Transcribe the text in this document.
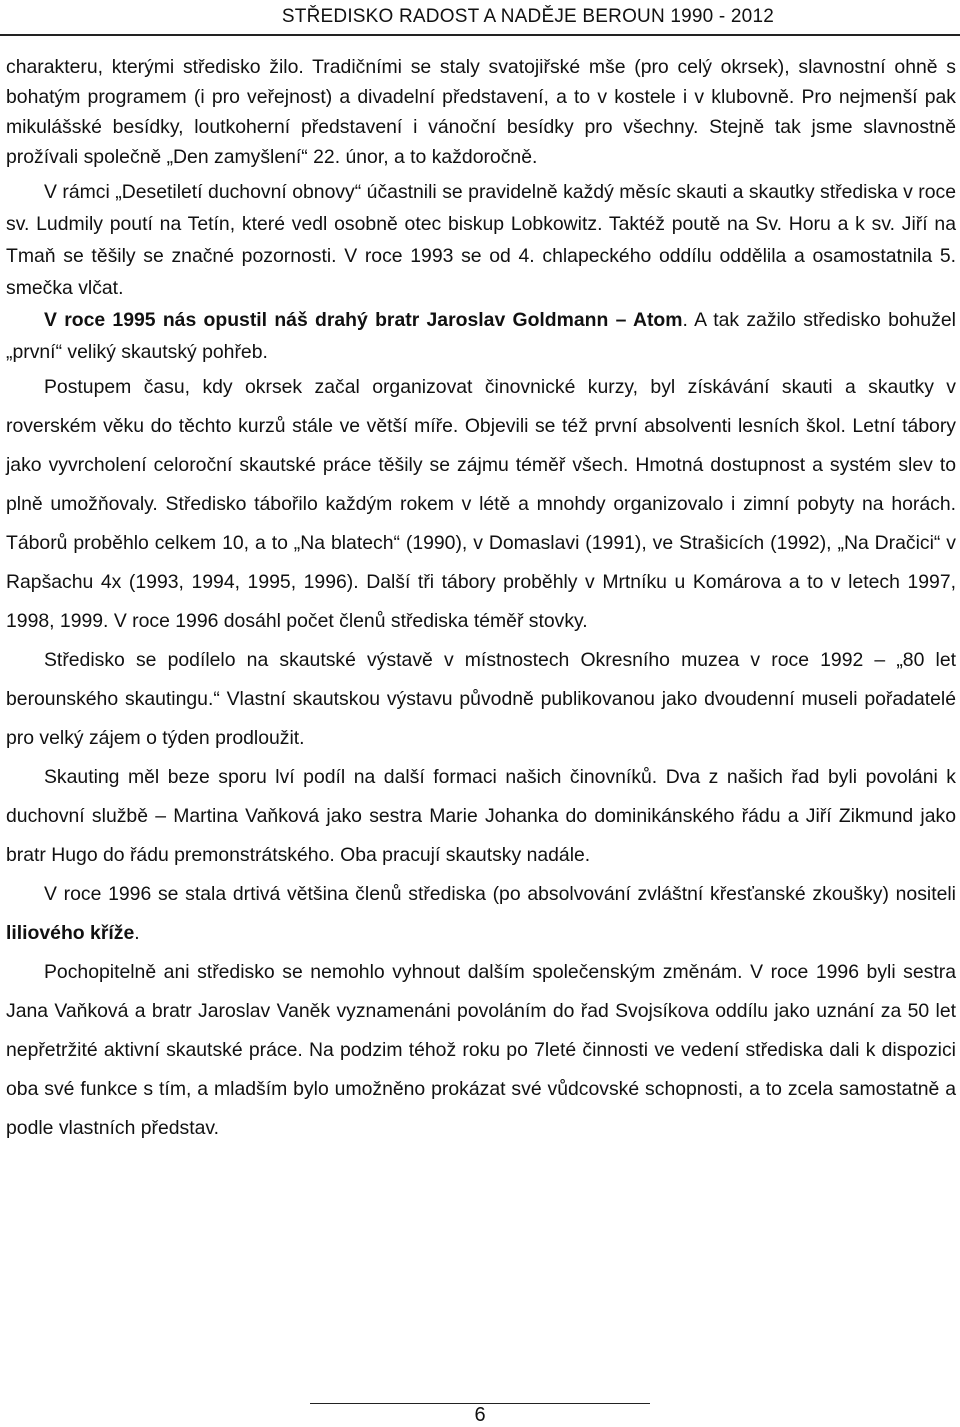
STŘEDISKO RADOST A NADĚJE BEROUN 1990 - 2012

charakteru, kterými středisko žilo. Tradičními se staly svatojiřské mše (pro celý okrsek), slavnostní ohně s bohatým programem (i pro veřejnost) a divadelní představení, a to v kostele i v klubovně. Pro nejmenší pak mikulášské besídky, loutkoherní představení i vánoční besídky pro všechny. Stejně tak jsme slavnostně prožívali společně „Den zamyšlení“ 22. únor, a to každoročně.

V rámci „Desetiletí duchovní obnovy“ účastnili se pravidelně každý měsíc skauti a skautky střediska v roce sv. Ludmily poutí na Tetín, které vedl osobně otec biskup Lobkowitz. Taktéž poutě na Sv. Horu a k sv. Jiří na Tmaň se těšily se značné pozornosti. V roce 1993 se od 4. chlapeckého oddílu oddělila a osamostatnila 5. smečka vlčat.

V roce 1995 nás opustil náš drahý bratr Jaroslav Goldmann – Atom. A tak zažilo středisko bohužel „první“ veliký skautský pohřeb.

Postupem času, kdy okrsek začal organizovat činovnické kurzy, byl získávání skauti a skautky v roverském věku do těchto kurzů stále ve větší míře. Objevili se též první absolventi lesních škol. Letní tábory jako vyvrcholení celoroční skautské práce těšily se zájmu téměř všech. Hmotná dostupnost a systém slev to plně umožňovaly. Středisko tábořilo každým rokem v létě a mnohdy organizovalo i zimní pobyty na horách. Táborů proběhlo celkem 10, a to „Na blatech“ (1990), v Domaslavi (1991), ve Strašicích (1992), „Na Dračici“ v Rapšachu 4x (1993, 1994, 1995, 1996). Další tři tábory proběhly v Mrtníku u Komárova a to v letech 1997, 1998, 1999. V roce 1996 dosáhl počet členů střediska téměř stovky.

Středisko se podílelo na skautské výstavě v místnostech Okresního muzea v roce 1992 – „80 let berounského skautingu.“ Vlastní skautskou výstavu původně publikovanou jako dvoudenní museli pořadatelé pro velký zájem o týden prodloužit.

Skauting měl beze sporu lví podíl na další formaci našich činovníků. Dva z našich řad byli povoláni k duchovní službě – Martina Vaňková jako sestra Marie Johanka do dominikánského řádu a Jiří Zikmund jako bratr Hugo do řádu premonstrátského. Oba pracují skautsky nadále.

V roce 1996 se stala drtivá většina členů střediska (po absolvování zvláštní křesťanské zkoušky) nositeli liliového kříže.

Pochopitelně ani středisko se nemohlo vyhnout dalším společenským změnám. V roce 1996 byli sestra Jana Vaňková a bratr Jaroslav Vaněk vyznamenáni povoláním do řad Svojsíkova oddílu jako uznání za 50 let nepřetržité aktivní skautské práce. Na podzim téhož roku po 7leté činnosti ve vedení střediska dali k dispozici oba své funkce s tím, a mladším bylo umožněno prokázat své vůdcovské schopnosti, a to zcela samostatně a podle vlastních představ.

6
